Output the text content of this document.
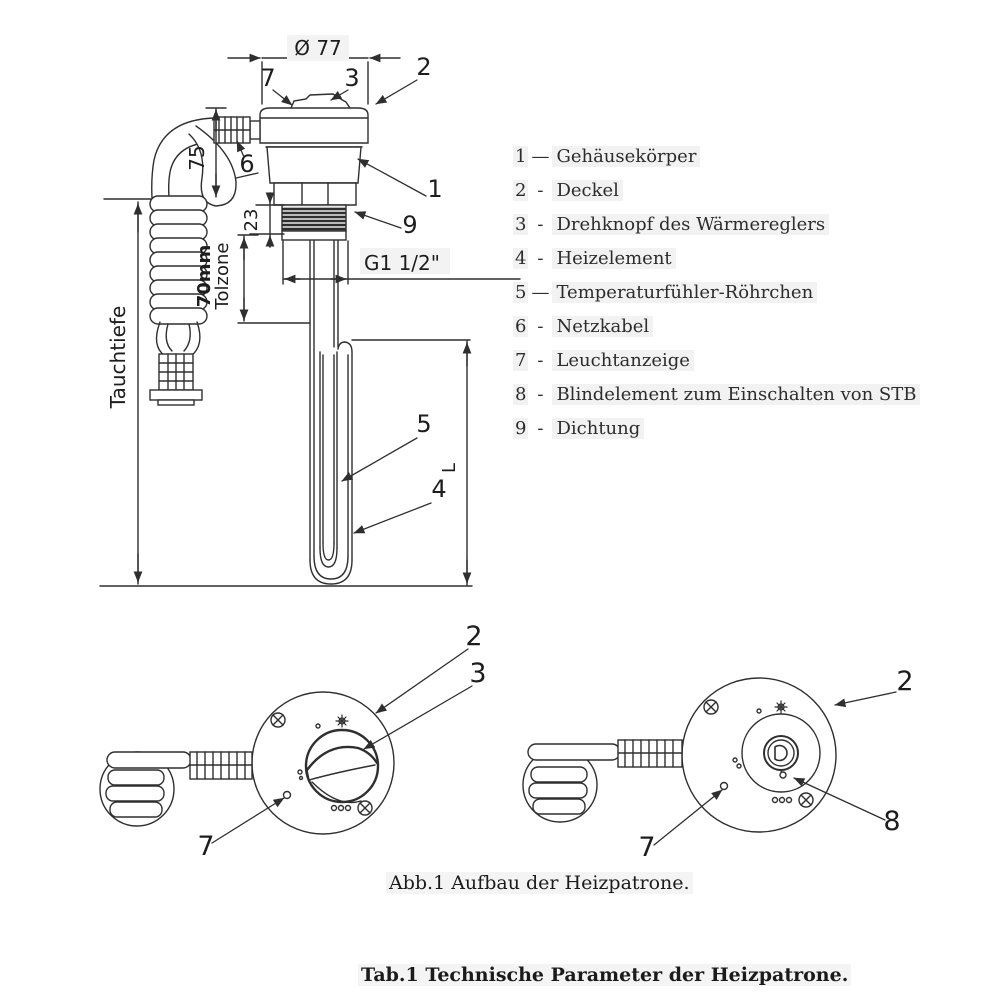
Ø 77
75
23
70mm
Tolzone	G1 1/2"
Tauchtiefe
L
7	3 2
6
1
9
5
4
2
3
7
2
8
7
1 — Gehäusekörper
2 - Deckel
3 - Drehknopf des Wärmereglers
4 - Heizelement
5 — Temperaturfühler-Röhrchen
6 - Netzkabel
7 - Leuchtanzeige
8 - Blindelement zum Einschalten von STB
9 - Dichtung
Abb.1 Aufbau der Heizpatrone.
Tab.1 Technische Parameter der Heizpatrone.
